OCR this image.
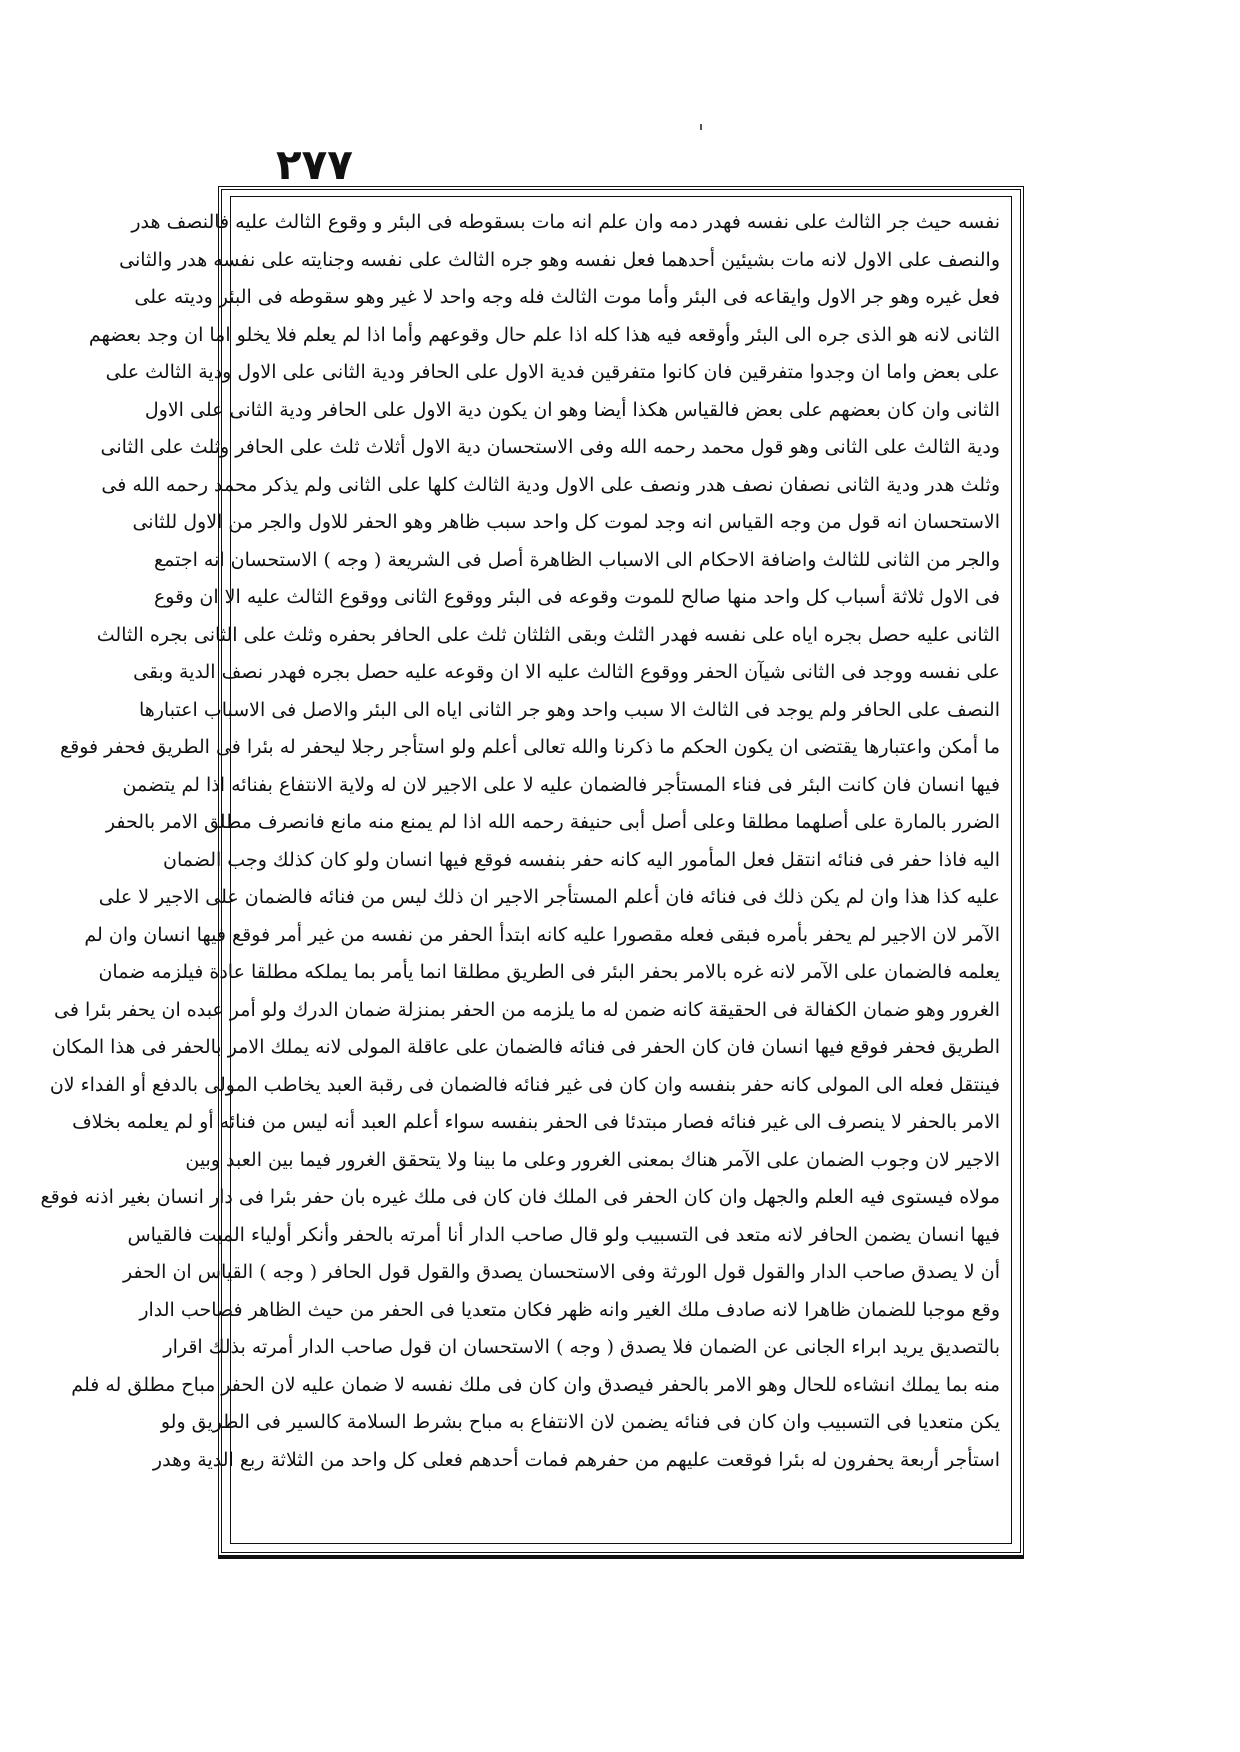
٢٧٧
نفسه حيث جر الثالث على نفسه فهدر دمه وان علم انه مات بسقوطه فى البئر و وقوع الثالث عليه فالنصف هدر
والنصف على الاول لانه مات بشيئين أحدهما فعل نفسه وهو جره الثالث على نفسه وجنايته على نفسه هدر والثانى
فعل غيره وهو جر الاول وايقاعه فى البئر وأما موت الثالث فله وجه واحد لا غير وهو سقوطه فى البئر وديته على
الثانى لانه هو الذى جره الى البئر وأوقعه فيه هذا كله اذا علم حال وقوعهم وأما اذا لم يعلم فلا يخلو اما ان وجد بعضهم
على بعض واما ان وجدوا متفرقين فان كانوا متفرقين فدية الاول على الحافر ودية الثانى على الاول ودية الثالث على
الثانى وان كان بعضهم على بعض فالقياس هكذا أيضا وهو ان يكون دية الاول على الحافر ودية الثانى على الاول
ودية الثالث على الثانى وهو قول محمد رحمه الله وفى الاستحسان دية الاول أثلاث ثلث على الحافر وثلث على الثانى
وثلث هدر ودية الثانى نصفان نصف هدر ونصف على الاول ودية الثالث كلها على الثانى ولم يذكر محمد رحمه الله فى
الاستحسان انه قول من وجه القياس انه وجد لموت كل واحد سبب ظاهر وهو الحفر للاول والجر من الاول للثانى
والجر من الثانى للثالث واضافة الاحكام الى الاسباب الظاهرة أصل فى الشريعة ( وجه ) الاستحسان انه اجتمع
فى الاول ثلاثة أسباب كل واحد منها صالح للموت وقوعه فى البئر ووقوع الثانى ووقوع الثالث عليه الا ان وقوع
الثانى عليه حصل بجره اياه على نفسه فهدر الثلث وبقى الثلثان ثلث على الحافر بحفره وثلث على الثانى بجره الثالث
على نفسه ووجد فى الثانى شيآن الحفر ووقوع الثالث عليه الا ان وقوعه عليه حصل بجره فهدر نصف الدية وبقى
النصف على الحافر ولم يوجد فى الثالث الا سبب واحد وهو جر الثانى اياه الى البئر والاصل فى الاسباب اعتبارها
ما أمكن واعتبارها يقتضى ان يكون الحكم ما ذكرنا والله تعالى أعلم ولو استأجر رجلا ليحفر له بئرا فى الطريق فحفر فوقع
فيها انسان فان كانت البئر فى فناء المستأجر فالضمان عليه لا على الاجير لان له ولاية الانتفاع بفنائه اذا لم يتضمن
الضرر بالمارة على أصلهما مطلقا وعلى أصل أبى حنيفة رحمه الله اذا لم يمنع منه مانع فانصرف مطلق الامر بالحفر
اليه فاذا حفر فى فنائه انتقل فعل المأمور اليه كانه حفر بنفسه فوقع فيها انسان ولو كان كذلك وجب الضمان
عليه كذا هذا وان لم يكن ذلك فى فنائه فان أعلم المستأجر الاجير ان ذلك ليس من فنائه فالضمان على الاجير لا على
الآمر لان الاجير لم يحفر بأمره فبقى فعله مقصورا عليه كانه ابتدأ الحفر من نفسه من غير أمر فوقع فيها انسان وان لم
يعلمه فالضمان على الآمر لانه غره بالامر بحفر البئر فى الطريق مطلقا انما يأمر بما يملكه مطلقا عادة فيلزمه ضمان
الغرور وهو ضمان الكفالة فى الحقيقة كانه ضمن له ما يلزمه من الحفر بمنزلة ضمان الدرك ولو أمر عبده ان يحفر بئرا فى
الطريق فحفر فوقع فيها انسان فان كان الحفر فى فنائه فالضمان على عاقلة المولى لانه يملك الامر بالحفر فى هذا المكان
فينتقل فعله الى المولى كانه حفر بنفسه وان كان فى غير فنائه فالضمان فى رقبة العبد يخاطب المولى بالدفع أو الفداء لان
الامر بالحفر لا ينصرف الى غير فنائه فصار مبتدئا فى الحفر بنفسه سواء أعلم العبد أنه ليس من فنائه أو لم يعلمه بخلاف
الاجير لان وجوب الضمان على الآمر هناك بمعنى الغرور وعلى ما بينا ولا يتحقق الغرور فيما بين العبد وبين
مولاه فيستوى فيه العلم والجهل وان كان الحفر فى الملك فان كان فى ملك غيره بان حفر بئرا فى دار انسان بغير اذنه فوقع
فيها انسان يضمن الحافر لانه متعد فى التسبيب ولو قال صاحب الدار أنا أمرته بالحفر وأنكر أولياء الميت فالقياس
أن لا يصدق صاحب الدار والقول قول الورثة وفى الاستحسان يصدق والقول قول الحافر ( وجه ) القياس ان الحفر
وقع موجبا للضمان ظاهرا لانه صادف ملك الغير وانه ظهر فكان متعديا فى الحفر من حيث الظاهر فصاحب الدار
بالتصديق يريد ابراء الجانى عن الضمان فلا يصدق ( وجه ) الاستحسان ان قول صاحب الدار أمرته بذلك اقرار
منه بما يملك انشاءه للحال وهو الامر بالحفر فيصدق وان كان فى ملك نفسه لا ضمان عليه لان الحفر مباح مطلق له فلم
يكن متعديا فى التسبيب وان كان فى فنائه يضمن لان الانتفاع به مباح بشرط السلامة كالسير فى الطريق ولو
استأجر أربعة يحفرون له بئرا فوقعت عليهم من حفرهم فمات أحدهم فعلى كل واحد من الثلاثة ربع الدية وهدر
